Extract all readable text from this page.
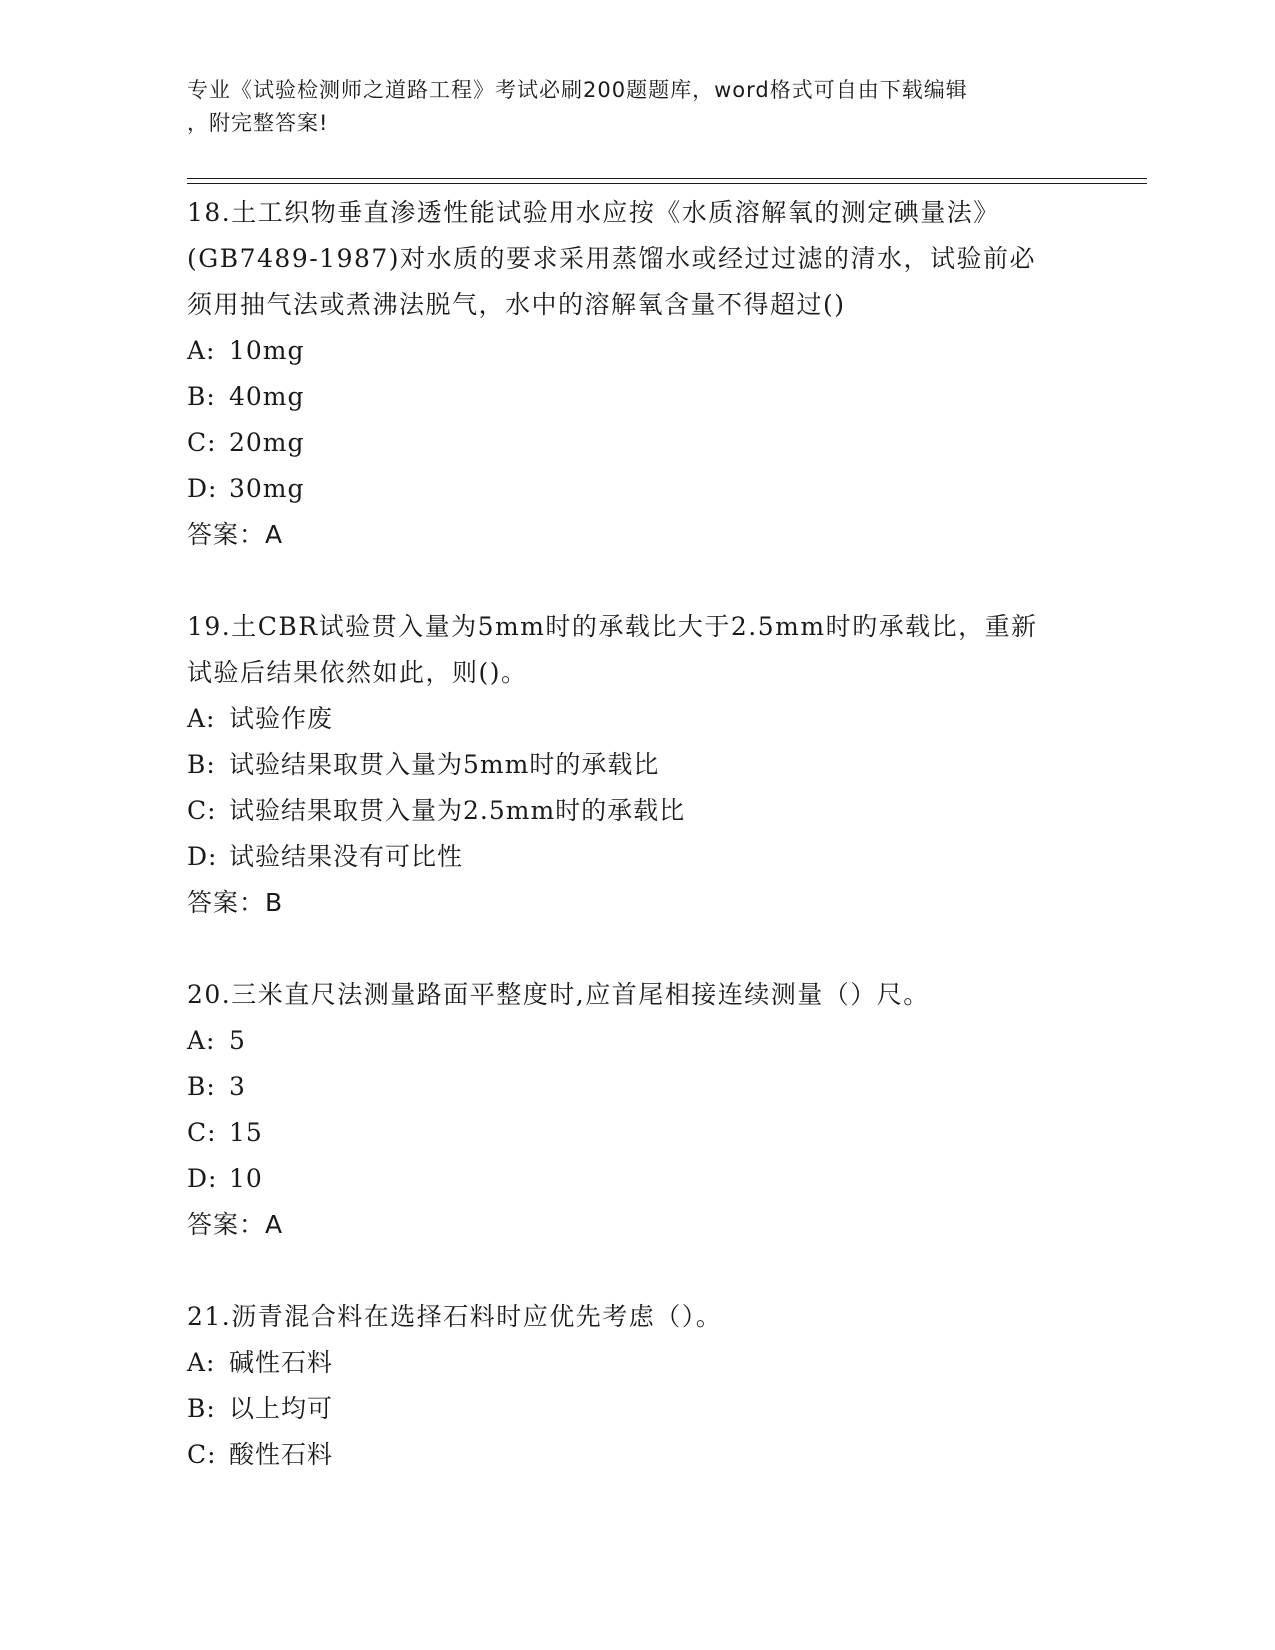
专业《试验检测师之道路工程》考试必刷200题题库，word格式可自由下载编辑
，附完整答案!

18.土工织物垂直渗透性能试验用水应按《水质溶解氧的测定碘量法》

(GB7489-1987)对水质的要求采用蒸馏水或经过过滤的清水，试验前必

须用抽气法或煮沸法脱气，水中的溶解氧含量不得超过()

A: 10mg

B: 40mg

C: 20mg

D: 30mg

答案：A

19.土CBR试验贯入量为5mm时的承载比大于2.5mm时旳承载比，重新

试验后结果依然如此，则()。

A: 试验作废

B: 试验结果取贯入量为5mm时的承载比

C: 试验结果取贯入量为2.5mm时的承载比

D: 试验结果没有可比性

答案：B

20.三米直尺法测量路面平整度时,应首尾相接连续测量（）尺。

A: 5

B: 3

C: 15

D: 10

答案：A

21.沥青混合料在选择石料时应优先考虑（）。

A: 碱性石料

B: 以上均可

C: 酸性石料
